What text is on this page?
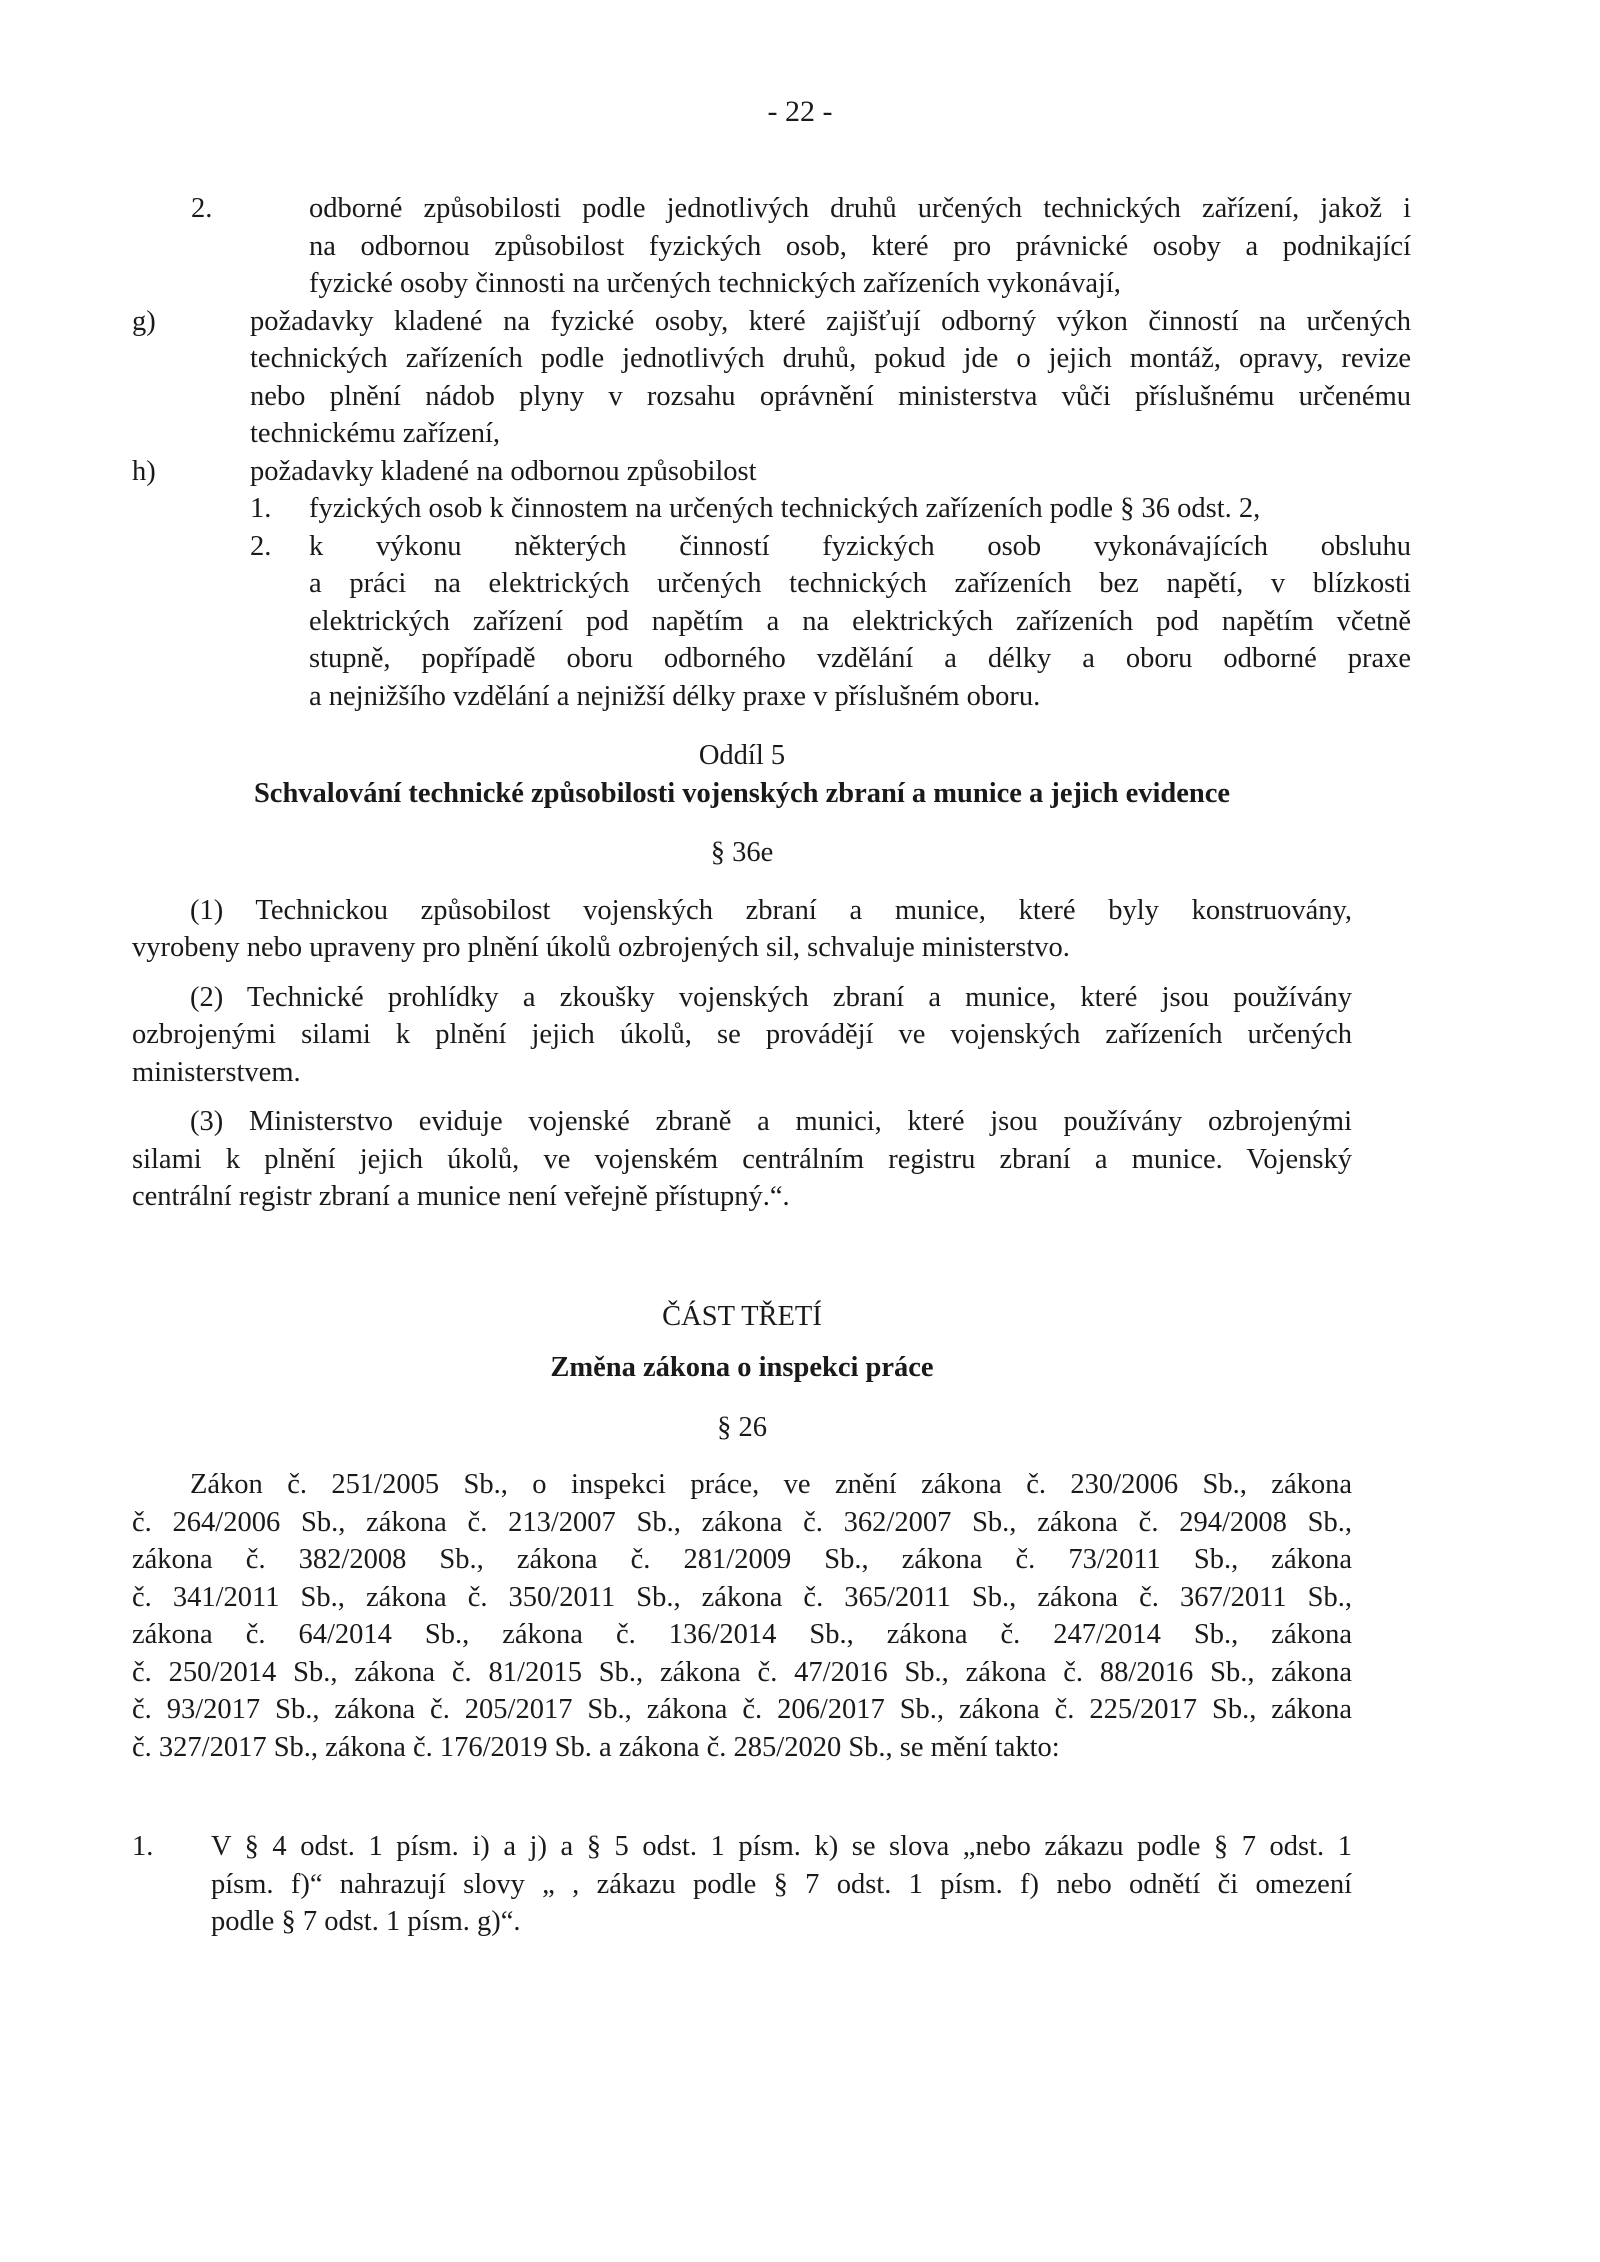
- 22 -
2.	odborné způsobilosti podle jednotlivých druhů určených technických zařízení, jakož i

na odbornou způsobilost fyzických osob, které pro právnické osoby a podnikající

fyzické osoby činnosti na určených technických zařízeních vykonávají,

g)	požadavky kladené na fyzické osoby, které zajišťují odborný výkon činností na určených

technických zařízeních podle jednotlivých druhů, pokud jde o jejich montáž, opravy, revize

nebo plnění nádob plyny v rozsahu oprávnění ministerstva vůči příslušnému určenému

technickému zařízení,

h)	požadavky kladené na odbornou způsobilost

1. fyzických osob k činnostem na určených technických zařízeních podle § 36 odst. 2,

2. k výkonu některých činností fyzických osob vykonávajících obsluhu

a práci na elektrických určených technických zařízeních bez napětí, v blízkosti

elektrických zařízení pod napětím a na elektrických zařízeních pod napětím včetně

stupně, popřípadě oboru odborného vzdělání a délky a oboru odborné praxe

a nejnižšího vzdělání a nejnižší délky praxe v příslušném oboru.

Oddíl 5

Schvalování technické způsobilosti vojenských zbraní a munice a jejich evidence

§ 36e

(1) Technickou způsobilost vojenských zbraní a munice, které byly konstruovány,

vyrobeny nebo upraveny pro plnění úkolů ozbrojených sil, schvaluje ministerstvo.

(2) Technické prohlídky a zkoušky vojenských zbraní a munice, které jsou používány

ozbrojenými silami k plnění jejich úkolů, se provádějí ve vojenských zařízeních určených

ministerstvem.

(3) Ministerstvo eviduje vojenské zbraně a munici, které jsou používány ozbrojenými

silami k plnění jejich úkolů, ve vojenském centrálním registru zbraní a munice. Vojenský

centrální registr zbraní a munice není veřejně přístupný.“.

ČÁST TŘETÍ

Změna zákona o inspekci práce

§ 26

Zákon č. 251/2005 Sb., o inspekci práce, ve znění zákona č. 230/2006 Sb., zákona

č. 264/2006 Sb., zákona č. 213/2007 Sb., zákona č. 362/2007 Sb., zákona č. 294/2008 Sb.,

zákona č. 382/2008 Sb., zákona č. 281/2009 Sb., zákona č. 73/2011 Sb., zákona

č. 341/2011 Sb., zákona č. 350/2011 Sb., zákona č. 365/2011 Sb., zákona č. 367/2011 Sb.,

zákona č. 64/2014 Sb., zákona č. 136/2014 Sb., zákona č. 247/2014 Sb., zákona

č. 250/2014 Sb., zákona č. 81/2015 Sb., zákona č. 47/2016 Sb., zákona č. 88/2016 Sb., zákona

č. 93/2017 Sb., zákona č. 205/2017 Sb., zákona č. 206/2017 Sb., zákona č. 225/2017 Sb., zákona

č. 327/2017 Sb., zákona č. 176/2019 Sb. a zákona č. 285/2020 Sb., se mění takto:

1. V § 4 odst. 1 písm. i) a j) a § 5 odst. 1 písm. k) se slova „nebo zákazu podle § 7 odst. 1

písm. f)“ nahrazují slovy „ , zákazu podle § 7 odst. 1 písm. f) nebo odnětí či omezení

podle § 7 odst. 1 písm. g)“.
